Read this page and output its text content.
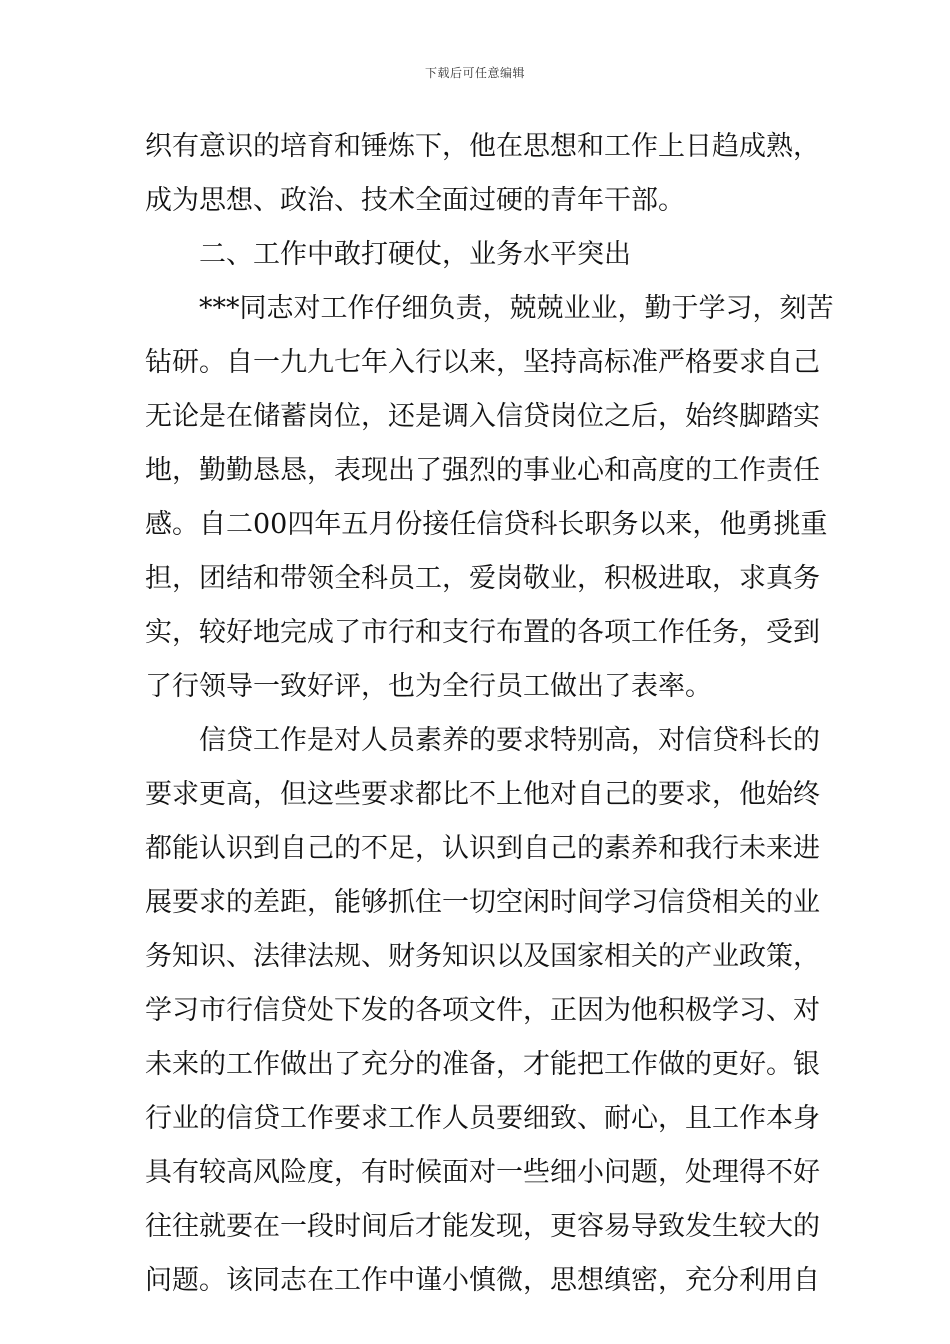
下载后可任意编辑
织有意识的培育和锤炼下，他在思想和工作上日趋成熟，
成为思想、政治、技术全面过硬的青年干部。
二、工作中敢打硬仗，业务水平突出
***同志对工作仔细负责，兢兢业业，勤于学习，刻苦
钻研。自一九九七年入行以来，坚持高标准严格要求自己
无论是在储蓄岗位，还是调入信贷岗位之后，始终脚踏实
地，勤勤恳恳，表现出了强烈的事业心和高度的工作责任
感。自二00四年五月份接任信贷科长职务以来，他勇挑重
担，团结和带领全科员工，爱岗敬业，积极进取，求真务
实，较好地完成了市行和支行布置的各项工作任务，受到
了行领导一致好评，也为全行员工做出了表率。
信贷工作是对人员素养的要求特别高，对信贷科长的
要求更高，但这些要求都比不上他对自己的要求，他始终
都能认识到自己的不足，认识到自己的素养和我行未来进
展要求的差距，能够抓住一切空闲时间学习信贷相关的业
务知识、法律法规、财务知识以及国家相关的产业政策，
学习市行信贷处下发的各项文件，正因为他积极学习、对
未来的工作做出了充分的准备，才能把工作做的更好。银
行业的信贷工作要求工作人员要细致、耐心，且工作本身
具有较高风险度，有时候面对一些细小问题，处理得不好
往往就要在一段时间后才能发现，更容易导致发生较大的
问题。该同志在工作中谨小慎微，思想缜密，充分利用自
